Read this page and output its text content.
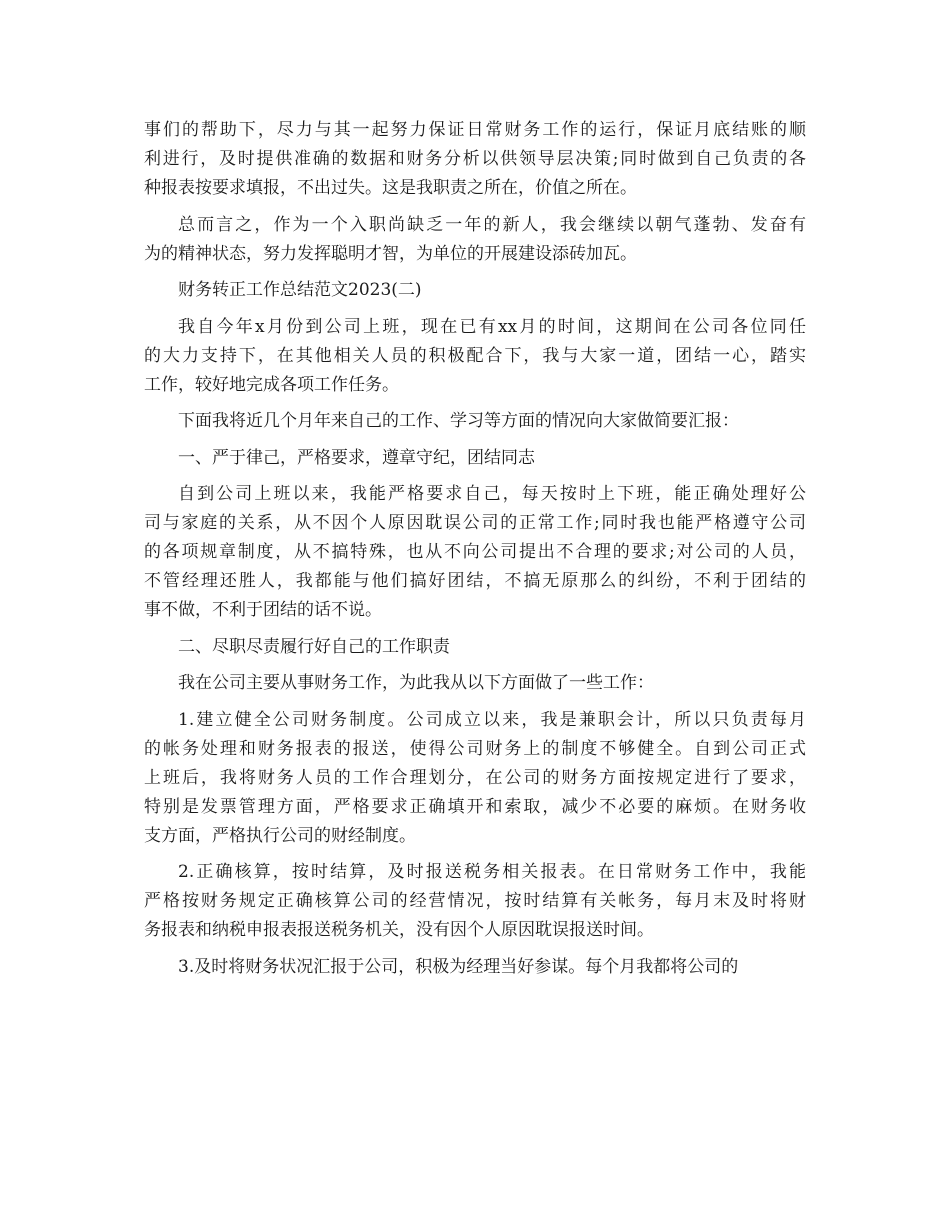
事们的帮助下，尽力与其一起努力保证日常财务工作的运行，保证月底结账的顺
利进行，及时提供准确的数据和财务分析以供领导层决策;同时做到自己负责的各
种报表按要求填报，不出过失。这是我职责之所在，价值之所在。
总而言之，作为一个入职尚缺乏一年的新人，我会继续以朝气蓬勃、发奋有
为的精神状态，努力发挥聪明才智，为单位的开展建设添砖加瓦。
财务转正工作总结范文2023(二)
我自今年x月份到公司上班，现在已有xx月的时间，这期间在公司各位同任
的大力支持下，在其他相关人员的积极配合下，我与大家一道，团结一心，踏实
工作，较好地完成各项工作任务。
下面我将近几个月年来自己的工作、学习等方面的情况向大家做简要汇报：
一、严于律己，严格要求，遵章守纪，团结同志
自到公司上班以来，我能严格要求自己，每天按时上下班，能正确处理好公
司与家庭的关系，从不因个人原因耽误公司的正常工作;同时我也能严格遵守公司
的各项规章制度，从不搞特殊，也从不向公司提出不合理的要求;对公司的人员，
不管经理还胜人，我都能与他们搞好团结，不搞无原那么的纠纷，不利于团结的
事不做，不利于团结的话不说。
二、尽职尽责履行好自己的工作职责
我在公司主要从事财务工作，为此我从以下方面做了一些工作：
1.建立健全公司财务制度。公司成立以来，我是兼职会计，所以只负责每月
的帐务处理和财务报表的报送，使得公司财务上的制度不够健全。自到公司正式
上班后，我将财务人员的工作合理划分，在公司的财务方面按规定进行了要求，
特别是发票管理方面，严格要求正确填开和索取，减少不必要的麻烦。在财务收
支方面，严格执行公司的财经制度。
2.正确核算，按时结算，及时报送税务相关报表。在日常财务工作中，我能
严格按财务规定正确核算公司的经营情况，按时结算有关帐务，每月末及时将财
务报表和纳税申报表报送税务机关，没有因个人原因耽误报送时间。
3.及时将财务状况汇报于公司，积极为经理当好参谋。每个月我都将公司的
